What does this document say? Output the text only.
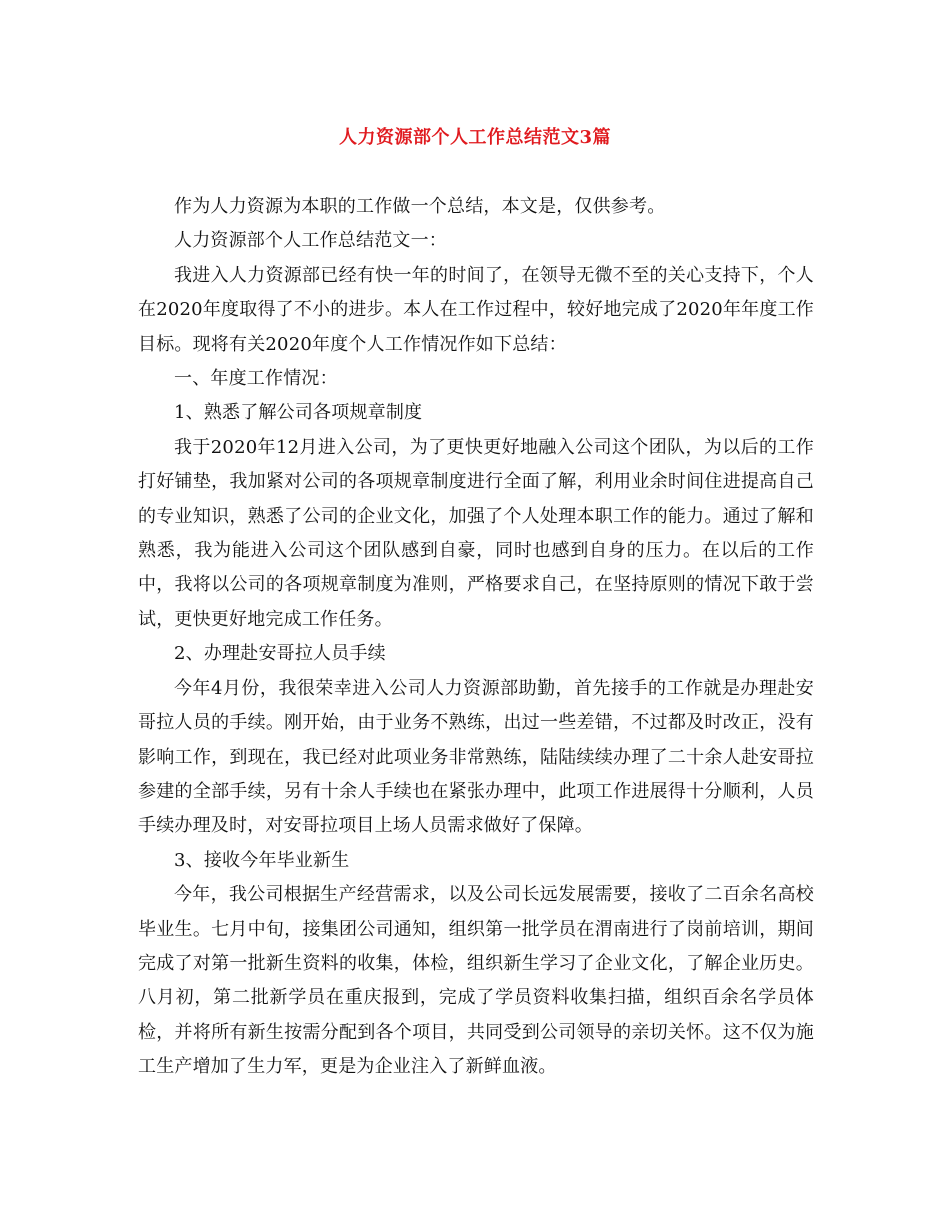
人力资源部个人工作总结范文3篇

作为人力资源为本职的工作做一个总结，本文是，仅供参考。

人力资源部个人工作总结范文一：

我进入人力资源部已经有快一年的时间了，在领导无微不至的关心支持下，个人在2020年度取得了不小的进步。本人在工作过程中，较好地完成了2020年年度工作目标。现将有关2020年度个人工作情况作如下总结：

一、年度工作情况：

1、熟悉了解公司各项规章制度

我于2020年12月进入公司，为了更快更好地融入公司这个团队，为以后的工作打好铺垫，我加紧对公司的各项规章制度进行全面了解，利用业余时间住进提高自己的专业知识，熟悉了公司的企业文化，加强了个人处理本职工作的能力。通过了解和熟悉，我为能进入公司这个团队感到自豪，同时也感到自身的压力。在以后的工作中，我将以公司的各项规章制度为准则，严格要求自己，在坚持原则的情况下敢于尝试，更快更好地完成工作任务。

2、办理赴安哥拉人员手续

今年4月份，我很荣幸进入公司人力资源部助勤，首先接手的工作就是办理赴安哥拉人员的手续。刚开始，由于业务不熟练，出过一些差错，不过都及时改正，没有影响工作，到现在，我已经对此项业务非常熟练，陆陆续续办理了二十余人赴安哥拉参建的全部手续，另有十余人手续也在紧张办理中，此项工作进展得十分顺利，人员手续办理及时，对安哥拉项目上场人员需求做好了保障。

3、接收今年毕业新生

今年，我公司根据生产经营需求，以及公司长远发展需要，接收了二百余名高校毕业生。七月中旬，接集团公司通知，组织第一批学员在渭南进行了岗前培训，期间完成了对第一批新生资料的收集，体检，组织新生学习了企业文化，了解企业历史。八月初，第二批新学员在重庆报到，完成了学员资料收集扫描，组织百余名学员体检，并将所有新生按需分配到各个项目，共同受到公司领导的亲切关怀。这不仅为施工生产增加了生力军，更是为企业注入了新鲜血液。
